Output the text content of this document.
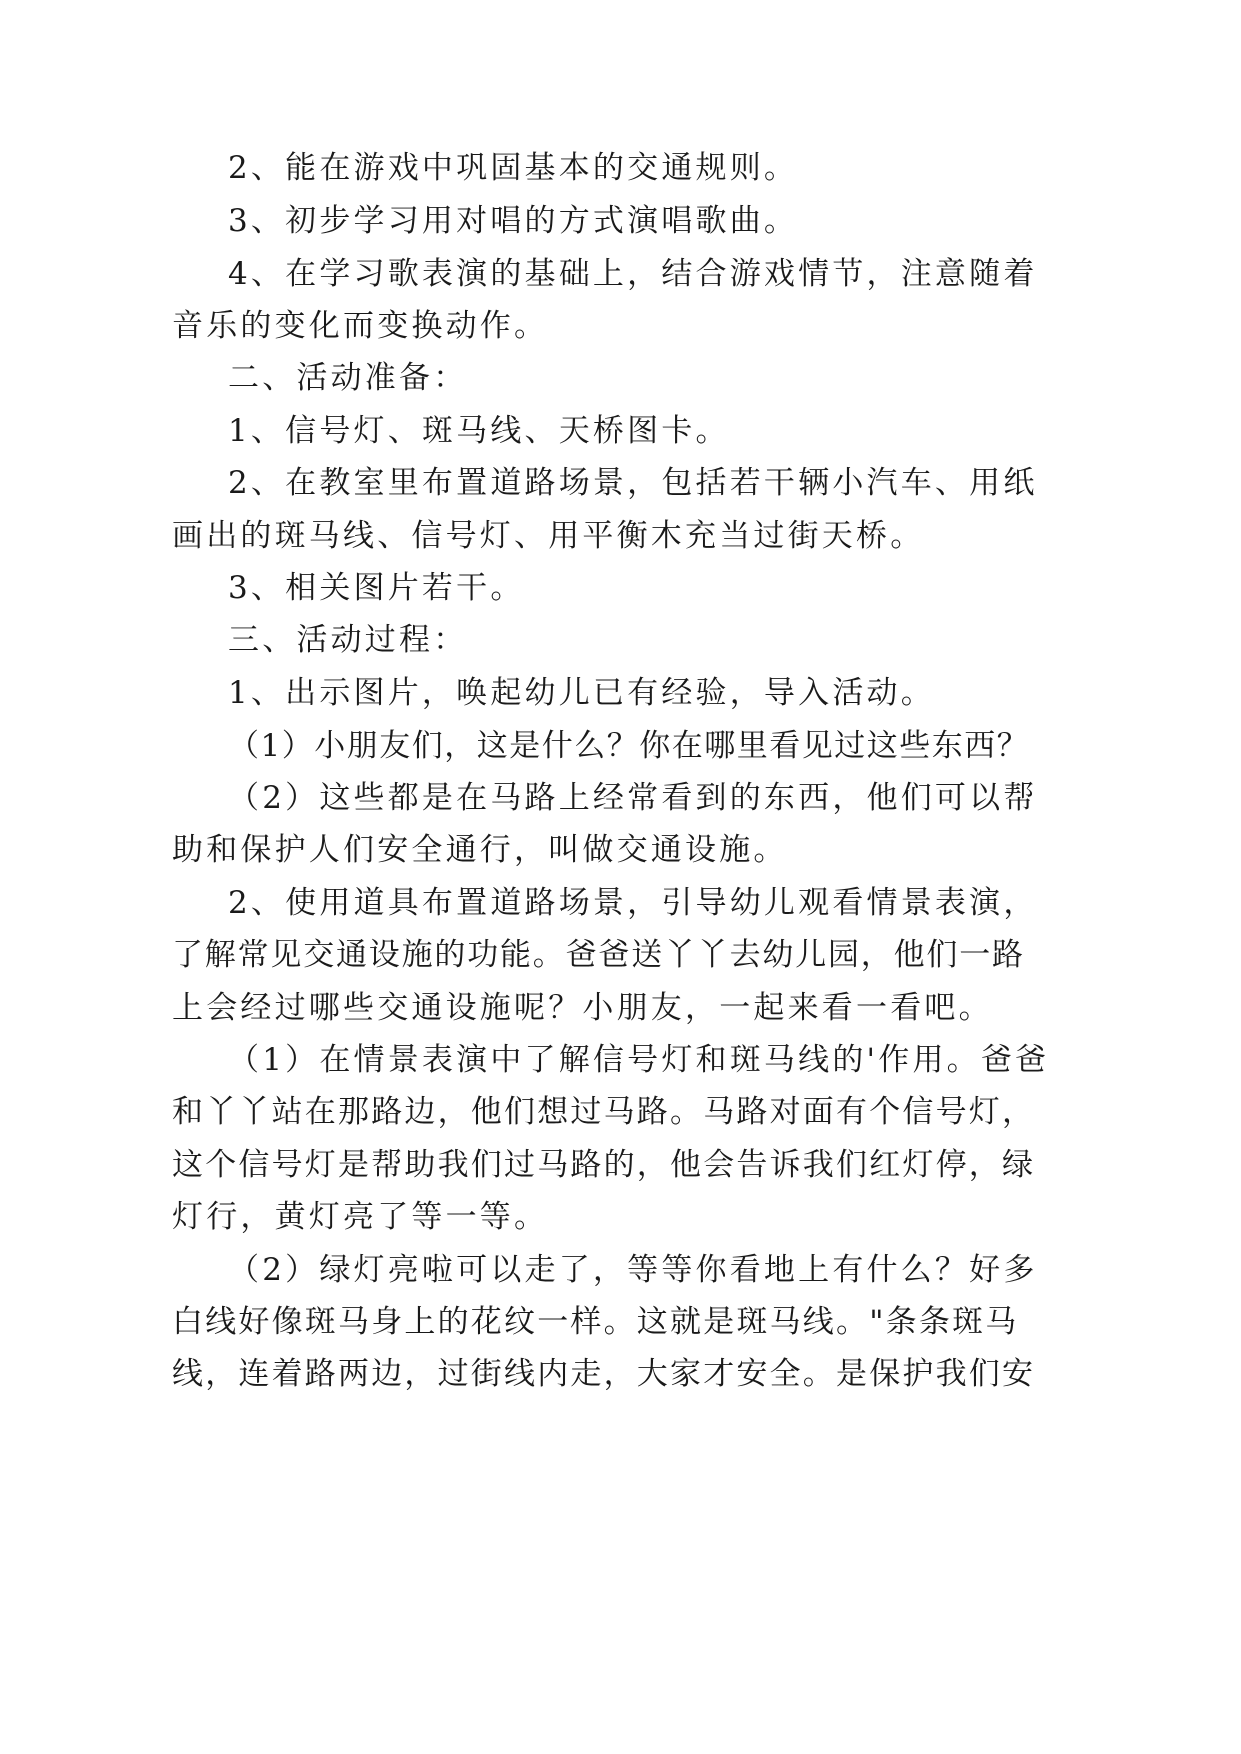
2、能在游戏中巩固基本的交通规则。
3、初步学习用对唱的方式演唱歌曲。
4、在学习歌表演的基础上，结合游戏情节，注意随着
音乐的变化而变换动作。
二、活动准备：
1、信号灯、斑马线、天桥图卡。
2、在教室里布置道路场景，包括若干辆小汽车、用纸
画出的斑马线、信号灯、用平衡木充当过街天桥。
3、相关图片若干。
三、活动过程：
1、出示图片，唤起幼儿已有经验，导入活动。
（1）小朋友们，这是什么？你在哪里看见过这些东西？
（2）这些都是在马路上经常看到的东西，他们可以帮
助和保护人们安全通行，叫做交通设施。
2、使用道具布置道路场景，引导幼儿观看情景表演，
了解常见交通设施的功能。爸爸送丫丫去幼儿园，他们一路
上会经过哪些交通设施呢？小朋友，一起来看一看吧。
（1）在情景表演中了解信号灯和斑马线的'作用。爸爸
和丫丫站在那路边，他们想过马路。马路对面有个信号灯，
这个信号灯是帮助我们过马路的，他会告诉我们红灯停，绿
灯行，黄灯亮了等一等。
（2）绿灯亮啦可以走了，等等你看地上有什么？好多
白线好像斑马身上的花纹一样。这就是斑马线。"条条斑马
线，连着路两边，过街线内走，大家才安全。是保护我们安
